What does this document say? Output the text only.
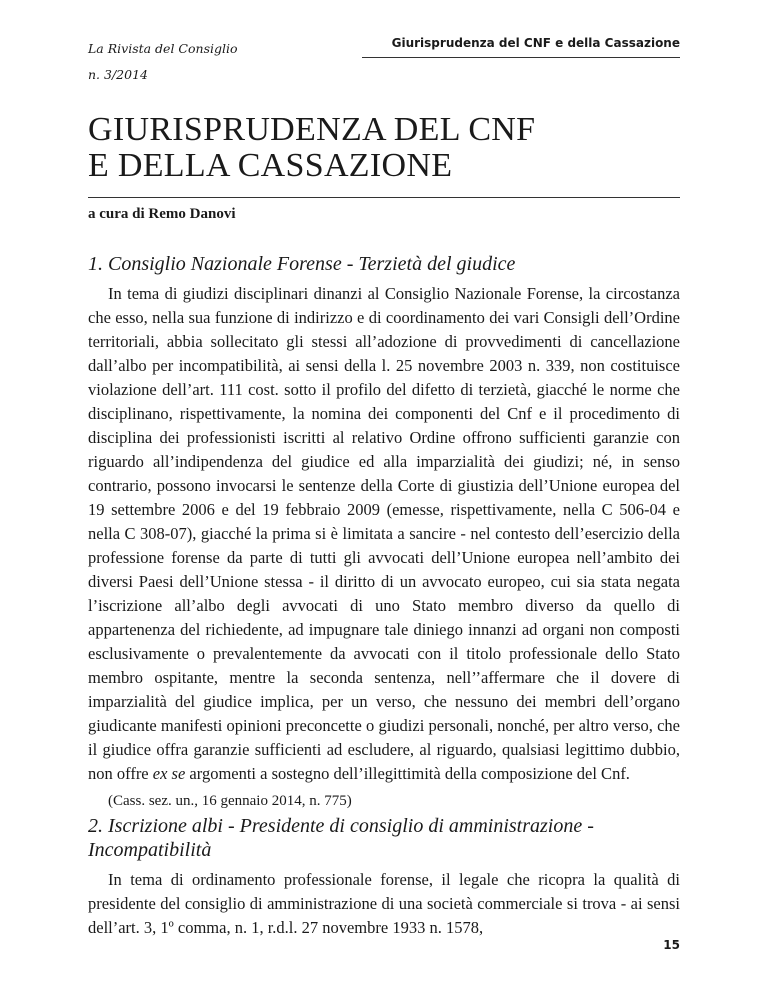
La Rivista del Consiglio
n. 3/2014
Giurisprudenza del CNF e della Cassazione
GIURISPRUDENZA DEL CNF
E DELLA CASSAZIONE
a cura di Remo Danovi
1. Consiglio Nazionale Forense - Terzietà del giudice

In tema di giudizi disciplinari dinanzi al Consiglio Nazionale Forense, la circostanza che esso, nella sua funzione di indirizzo e di coordinamento dei vari Consigli dell’Ordine territoriali, abbia sollecitato gli stessi all’adozione di provvedimenti di cancellazione dall’albo per incompatibilità, ai sensi della l. 25 novembre 2003 n. 339, non costituisce violazione dell’art. 111 cost. sotto il profilo del difetto di terzietà, giacché le norme che disciplinano, rispettivamente, la nomina dei componenti del Cnf e il procedimento di disciplina dei professionisti iscritti al relativo Ordine offrono sufficienti garanzie con riguardo all’indipendenza del giudice ed alla imparzialità dei giudizi; né, in senso contrario, possono invocarsi le sentenze della Corte di giustizia dell’Unione europea del 19 settembre 2006 e del 19 febbraio 2009 (emesse, rispettivamente, nella C 506-04 e nella C 308-07), giacché la prima si è limitata a sancire - nel contesto dell’esercizio della professione forense da parte di tutti gli avvocati dell’Unione europea nell’ambito dei diversi Paesi dell’Unione stessa - il diritto di un avvocato europeo, cui sia stata negata l’iscrizione all’albo degli avvocati di uno Stato membro diverso da quello di appartenenza del richiedente, ad impugnare tale diniego innanzi ad organi non composti esclusivamente o prevalentemente da avvocati con il titolo professionale dello Stato membro ospitante, mentre la seconda sentenza, nell’’affermare che il dovere di imparzialità del giudice implica, per un verso, che nessuno dei membri dell’organo giudicante manifesti opinioni preconcette o giudizi personali, nonché, per altro verso, che il giudice offra garanzie sufficienti ad escludere, al riguardo, qualsiasi legittimo dubbio, non offre ex se argomenti a sostegno dell’illegittimità della composizione del Cnf.

(Cass. sez. un., 16 gennaio 2014, n. 775)
2. Iscrizione albi - Presidente di consiglio di amministrazione - Incompatibilità

In tema di ordinamento professionale forense, il legale che ricopra la qualità di presidente del consiglio di amministrazione di una società commerciale si trova - ai sensi dell’art. 3, 1º comma, n. 1, r.d.l. 27 novembre 1933 n. 1578,

15
